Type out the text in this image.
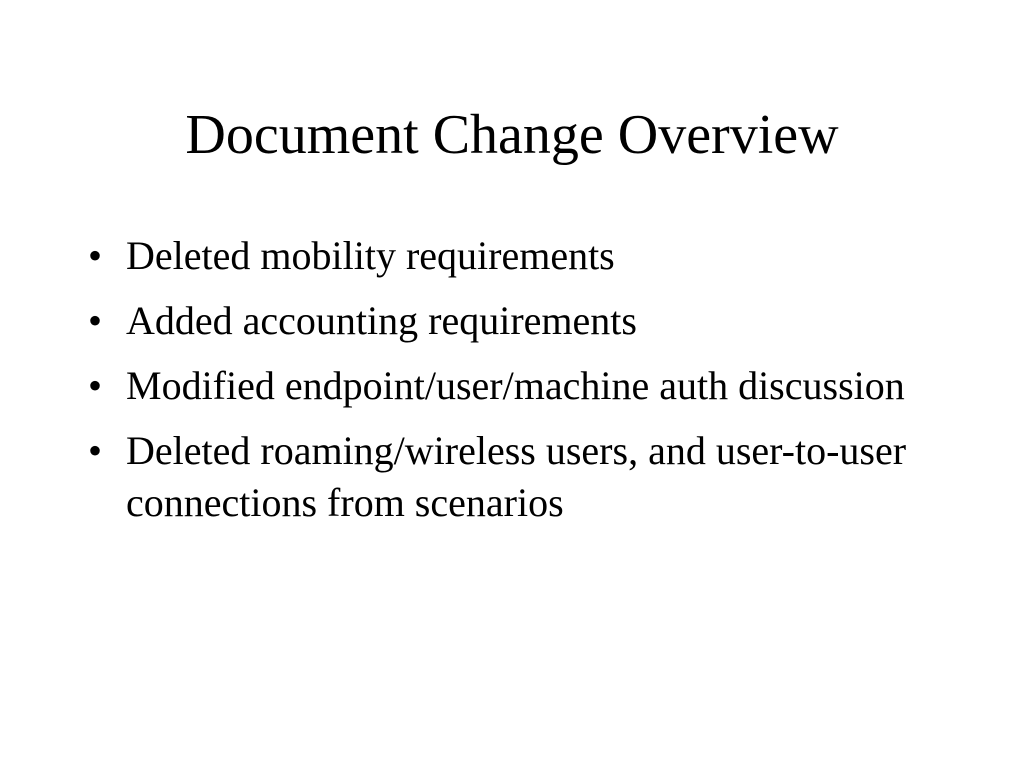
Document Change Overview
• Deleted mobility requirements
• Added accounting requirements
• Modified endpoint/user/machine auth discussion
• Deleted roaming/wireless users, and user-to-user connections from scenarios
